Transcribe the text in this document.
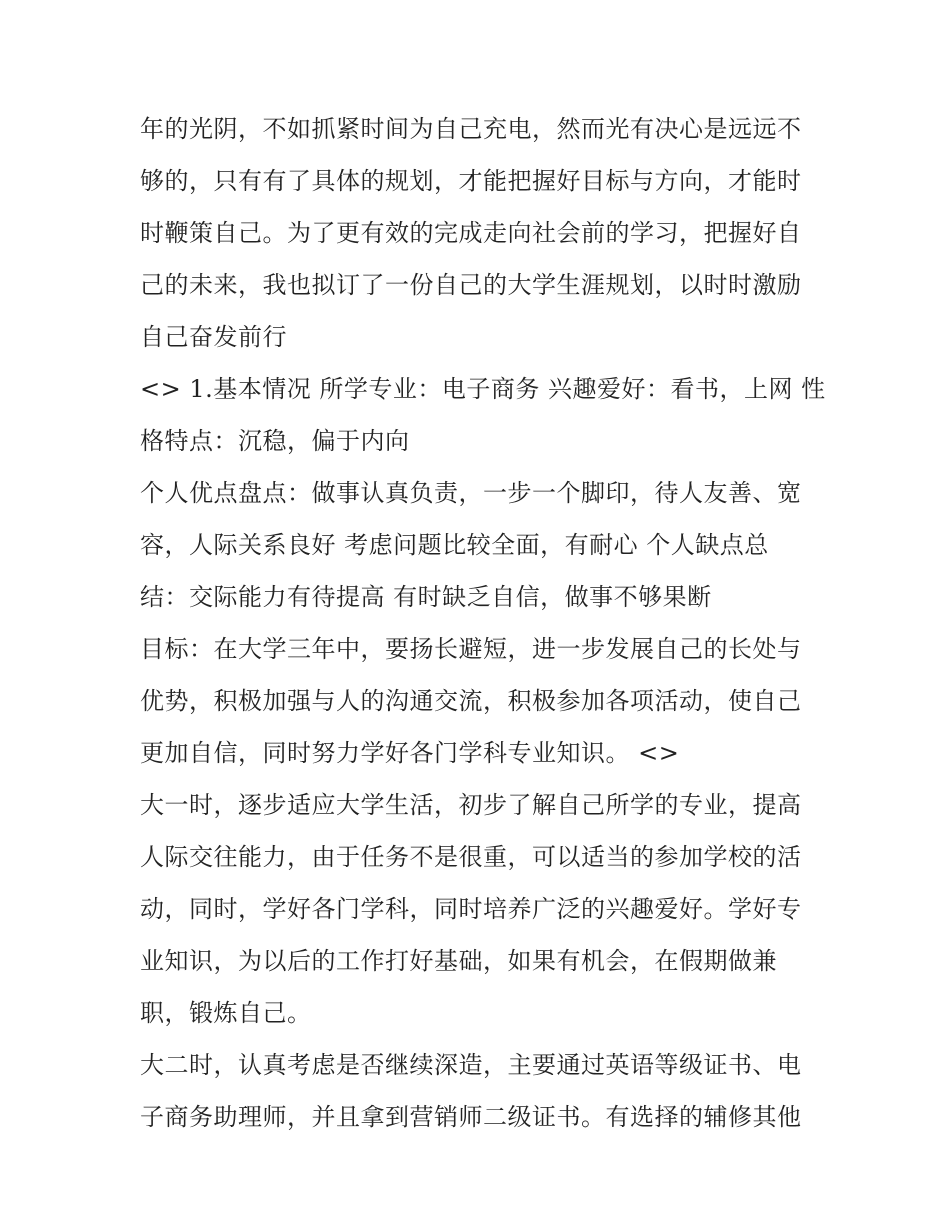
年的光阴，不如抓紧时间为自己充电，然而光有决心是远远不
够的，只有有了具体的规划，才能把握好目标与方向，才能时
时鞭策自己。为了更有效的完成走向社会前的学习，把握好自
己的未来，我也拟订了一份自己的大学生涯规划，以时时激励
自己奋发前行
<> 1.基本情况 所学专业：电子商务 兴趣爱好：看书，上网 性
格特点：沉稳，偏于内向
个人优点盘点：做事认真负责，一步一个脚印，待人友善、宽
容，人际关系良好 考虑问题比较全面，有耐心 个人缺点总
结：交际能力有待提高 有时缺乏自信，做事不够果断
目标：在大学三年中，要扬长避短，进一步发展自己的长处与
优势，积极加强与人的沟通交流，积极参加各项活动，使自己
更加自信，同时努力学好各门学科专业知识。 <>
大一时，逐步适应大学生活，初步了解自己所学的专业，提高
人际交往能力，由于任务不是很重，可以适当的参加学校的活
动，同时，学好各门学科，同时培养广泛的兴趣爱好。学好专
业知识，为以后的工作打好基础，如果有机会，在假期做兼
职，锻炼自己。
大二时，认真考虑是否继续深造，主要通过英语等级证书、电
子商务助理师，并且拿到营销师二级证书。有选择的辅修其他
